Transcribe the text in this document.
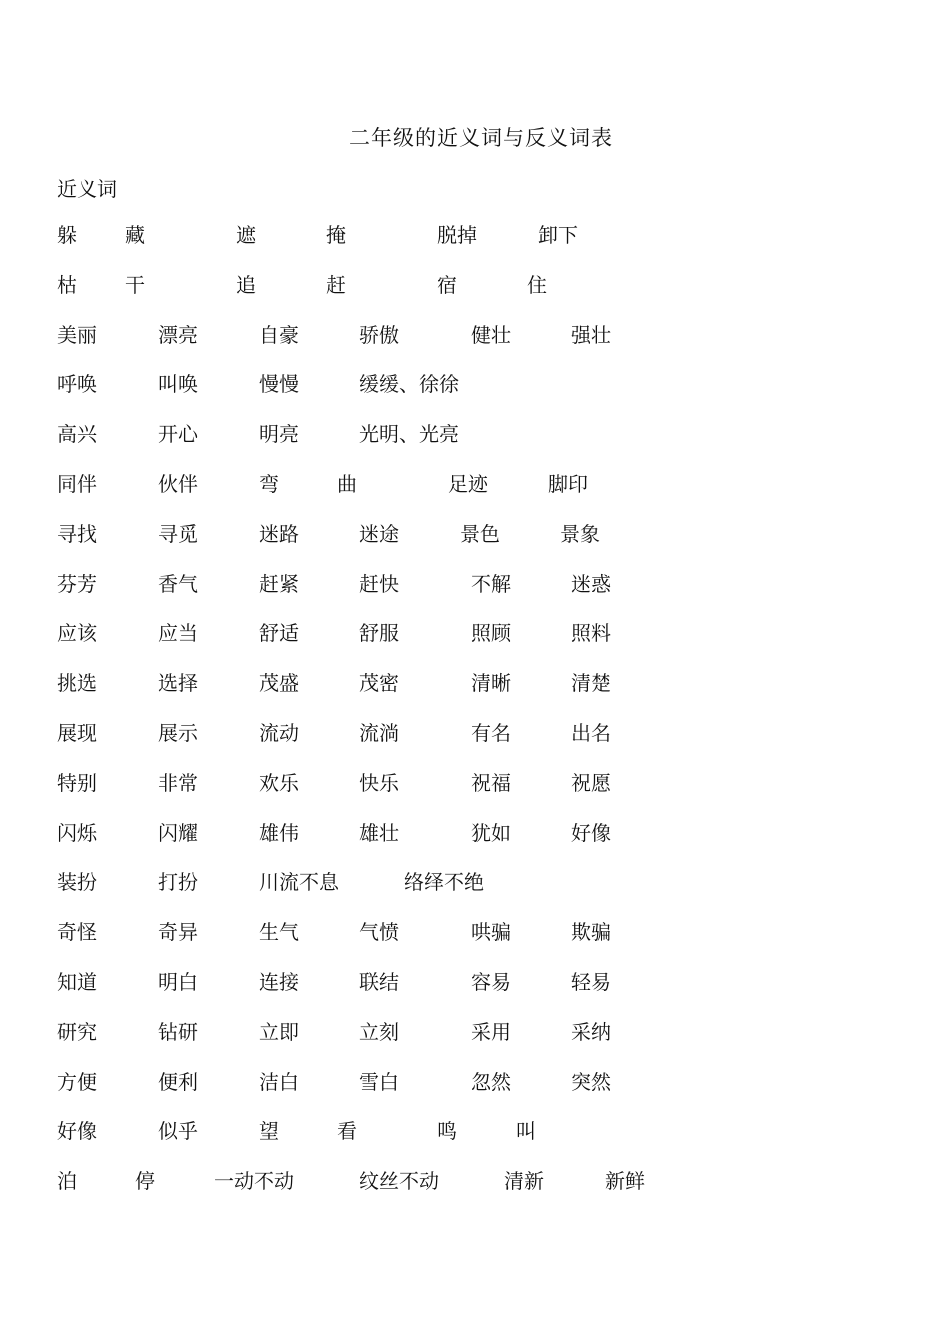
二年级的近义词与反义词表
近义词
躲 藏	遮	掩	脱掉	卸下
枯 干	追	赶	宿	住
美丽	漂亮	自豪	骄傲	健壮	强壮
呼唤	叫唤	慢慢	缓缓、徐徐
高兴	开心	明亮	光明、光亮
同伴	伙伴	弯	曲	足迹	脚印
寻找	寻觅	迷路	迷途	景色	景象
芬芳	香气	赶紧	赶快	不解	迷惑
应该	应当	舒适	舒服	照顾	照料
挑选	选择	茂盛	茂密	清晰	清楚
展现	展示	流动	流淌	有名	出名
特别	非常	欢乐	快乐	祝福	祝愿
闪烁	闪耀	雄伟	雄壮	犹如	好像
装扮	打扮	川流不息	络绎不绝
奇怪	奇异	生气	气愤	哄骗	欺骗
知道	明白	连接	联结	容易	轻易
研究	钻研	立即	立刻	采用	采纳
方便	便利	洁白	雪白	忽然	突然
好像	似乎	望	看	鸣	叫
泊	停	一动不动	纹丝不动	清新	新鲜
